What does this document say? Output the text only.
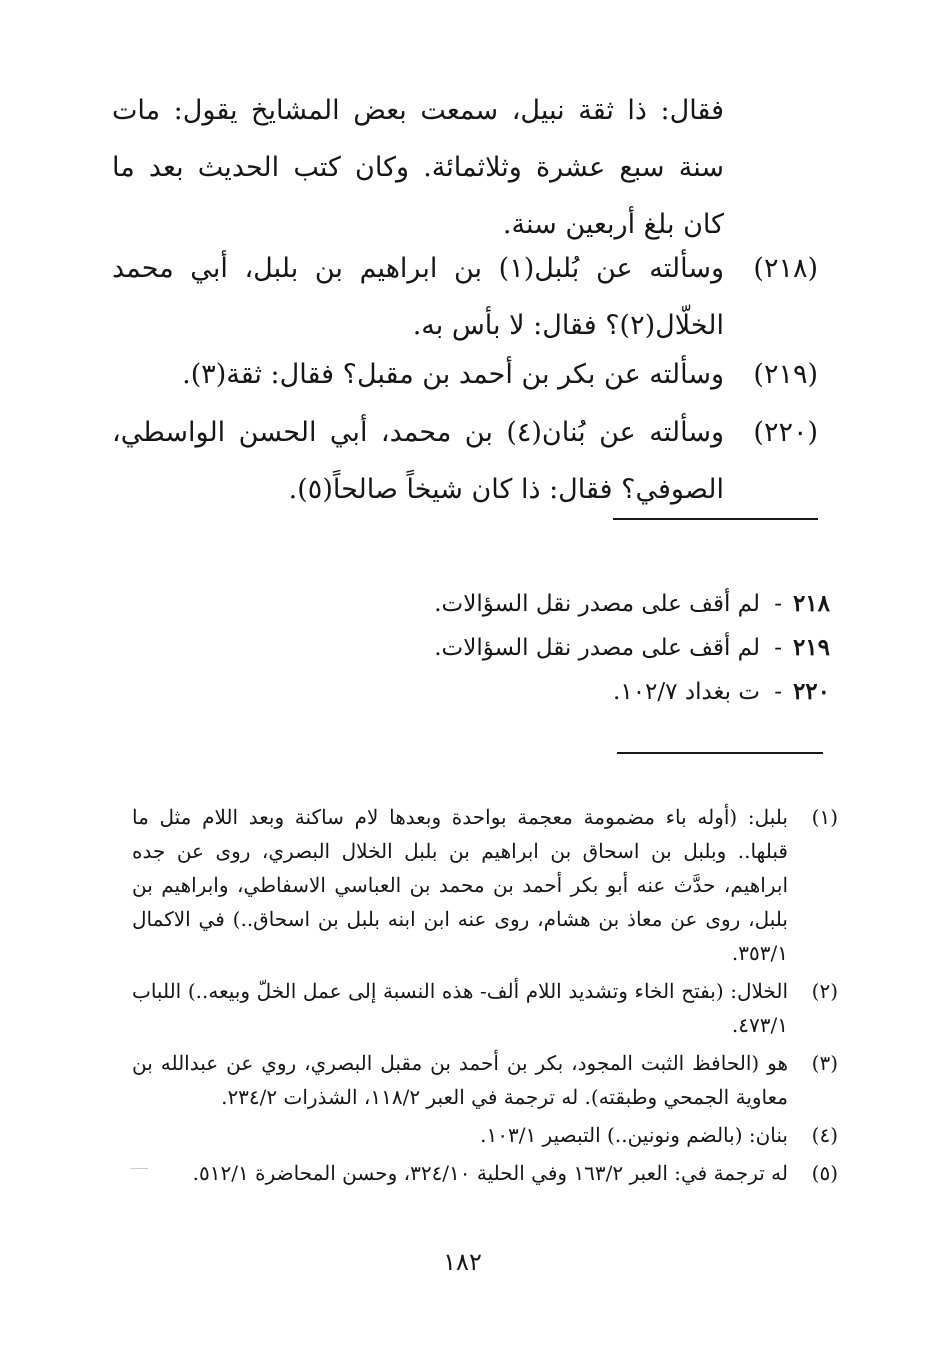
فقال: ذا ثقة نبيل، سمعت بعض المشايخ يقول: مات سنة سبع عشرة وثلاثمائة. وكان كتب الحديث بعد ما كان بلغ أربعين سنة.
(٢١٨)
وسألته عن بُلبل(١) بن ابراهيم بن بلبل، أبي محمد الخلّال(٢)؟ فقال: لا بأس به.
(٢١٩)
وسألته عن بكر بن أحمد بن مقبل؟ فقال: ثقة(٣).
(٢٢٠)
وسألته عن بُنان(٤) بن محمد، أبي الحسن الواسطي، الصوفي؟ فقال: ذا كان شيخاً صالحاً(٥).
٢١٨
-
لم أقف على مصدر نقل السؤالات.
٢١٩
-
لم أقف على مصدر نقل السؤالات.
٢٢٠
-
ت بغداد ١٠٢/٧.
(١)
بلبل: (أوله باء مضمومة معجمة بواحدة وبعدها لام ساكنة وبعد اللام مثل ما قبلها.. وبلبل بن اسحاق بن ابراهيم بن بلبل الخلال البصري، روى عن جده ابراهيم، حدَّث عنه أبو بكر أحمد بن محمد بن العباسي الاسفاطي، وابراهيم بن بلبل، روى عن معاذ بن هشام، روى عنه ابن ابنه بلبل بن اسحاق..) في الاكمال ٣٥٣/١.
(٢)
الخلال: (بفتح الخاء وتشديد اللام ألف- هذه النسبة إلى عمل الخلّ وبيعه..) اللباب ٤٧٣/١.
(٣)
هو (الحافظ الثبت المجود، بكر بن أحمد بن مقبل البصري، روي عن عبدالله بن معاوية الجمحي وطبقته). له ترجمة في العبر ١١٨/٢، الشذرات ٢٣٤/٢.
(٤)
بنان: (بالضم ونونين..) التبصير ١٠٣/١.
(٥)
له ترجمة في: العبر ١٦٣/٢ وفي الحلية ٣٢٤/١٠، وحسن المحاضرة ٥١٢/١.
١٨٢
